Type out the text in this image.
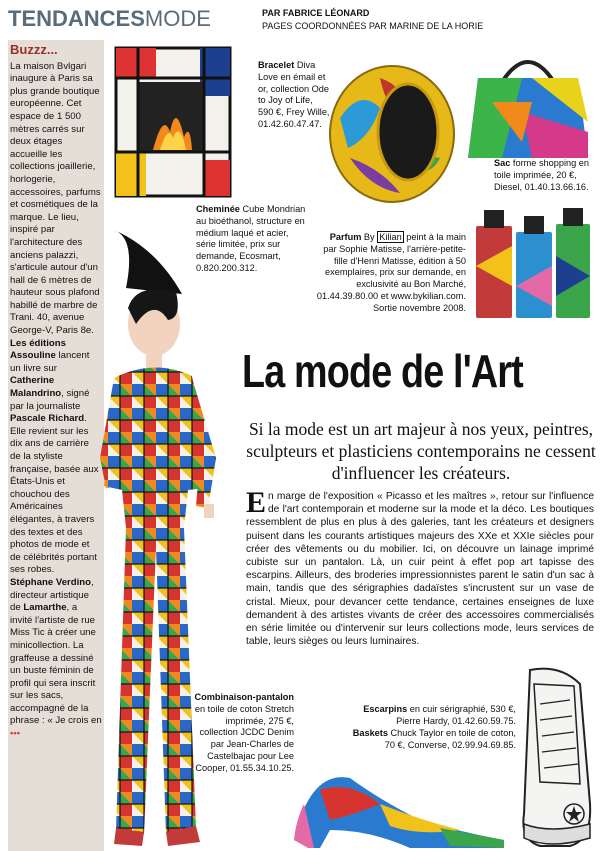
TENDANCESMODE	PAR FABRICE LÉONARD
PAGES COORDONNÉES PAR MARINE DE LA HORIE
Buzzz...

La maison Bvlgari inaugure à Paris sa plus grande boutique européenne. Cet espace de 1 500 mètres carrés sur deux étages accueille les collections joaillerie, horlogerie, accessoires, parfums et cosmétiques de la marque. Le lieu, inspiré par l'architecture des anciens palazzi, s'articule autour d'un hall de 6 mètres de hauteur sous plafond habillé de marbre de Trani. 40, avenue George-V, Paris 8e.

Les éditions Assouline lancent un livre sur Catherine Malandrino, signé par la journaliste Pascale Richard. Elle revient sur les dix ans de carrière de la styliste française, basée aux États-Unis et chouchou des Américaines élégantes, à travers des textes et des photos de mode et de célébrités portant ses robes.

Stéphane Verdino, directeur artistique de Lamarthe, a invité l'artiste de rue Miss Tic à créer une minicollection. La graffeuse a dessiné un buste féminin de profil qui sera inscrit sur les sacs, accompagné de la phrase : « Je crois en •••

Bracelet Diva Love en émail et or, collection Ode to Joy of Life, 590 €, Frey Wille, 01.42.60.47.47.
Sac forme shopping en toile imprimée, 20 €, Diesel, 01.40.13.66.16.
Cheminée Cube Mondrian au bioéthanol, structure en médium laqué et acier, série limitée, prix sur demande, Ecosmart, 0.820.200.312.
Parfum By Kilian peint à la main par Sophie Matisse, l'arrière-petite-fille d'Henri Matisse, édition à 50 exemplaires, prix sur demande, en exclusivité au Bon Marché, 01.44.39.80.00 et www.bykilian.com. Sortie novembre 2008.
La mode de l'Art
Si la mode est un art majeur à nos yeux, peintres, sculpteurs et plasticiens contemporains ne cessent d'influencer les créateurs.
En marge de l'exposition « Picasso et les maîtres », retour sur l'influence de l'art contemporain et moderne sur la mode et la déco. Les boutiques ressemblent de plus en plus à des galeries, tant les créateurs et designers puisent dans les courants artistiques majeurs des XXe et XXIe siècles pour créer des vêtements ou du mobilier. Ici, on découvre un lainage imprimé cubiste sur un pantalon. Là, un cuir peint à effet pop art tapisse des escarpins. Ailleurs, des broderies impressionnistes parent le satin d'un sac à main, tandis que des sérigraphies dadaïstes s'incrustent sur un vase de cristal. Mieux, pour devancer cette tendance, certaines enseignes de luxe demandent à des artistes vivants de créer des accessoires commercialisés en série limitée ou d'intervenir sur leurs collections mode, leurs services de table, leurs sièges ou leurs luminaires.
Combinaison-pantalon en toile de coton Stretch imprimée, 275 €, collection JCDC Denim par Jean-Charles de Castelbajac pour Lee Cooper, 01.55.34.10.25.
Escarpins en cuir sérigraphié, 530 €, Pierre Hardy, 01.42.60.59.75.
Baskets Chuck Taylor en toile de coton, 70 €, Converse, 02.99.94.69.85.
